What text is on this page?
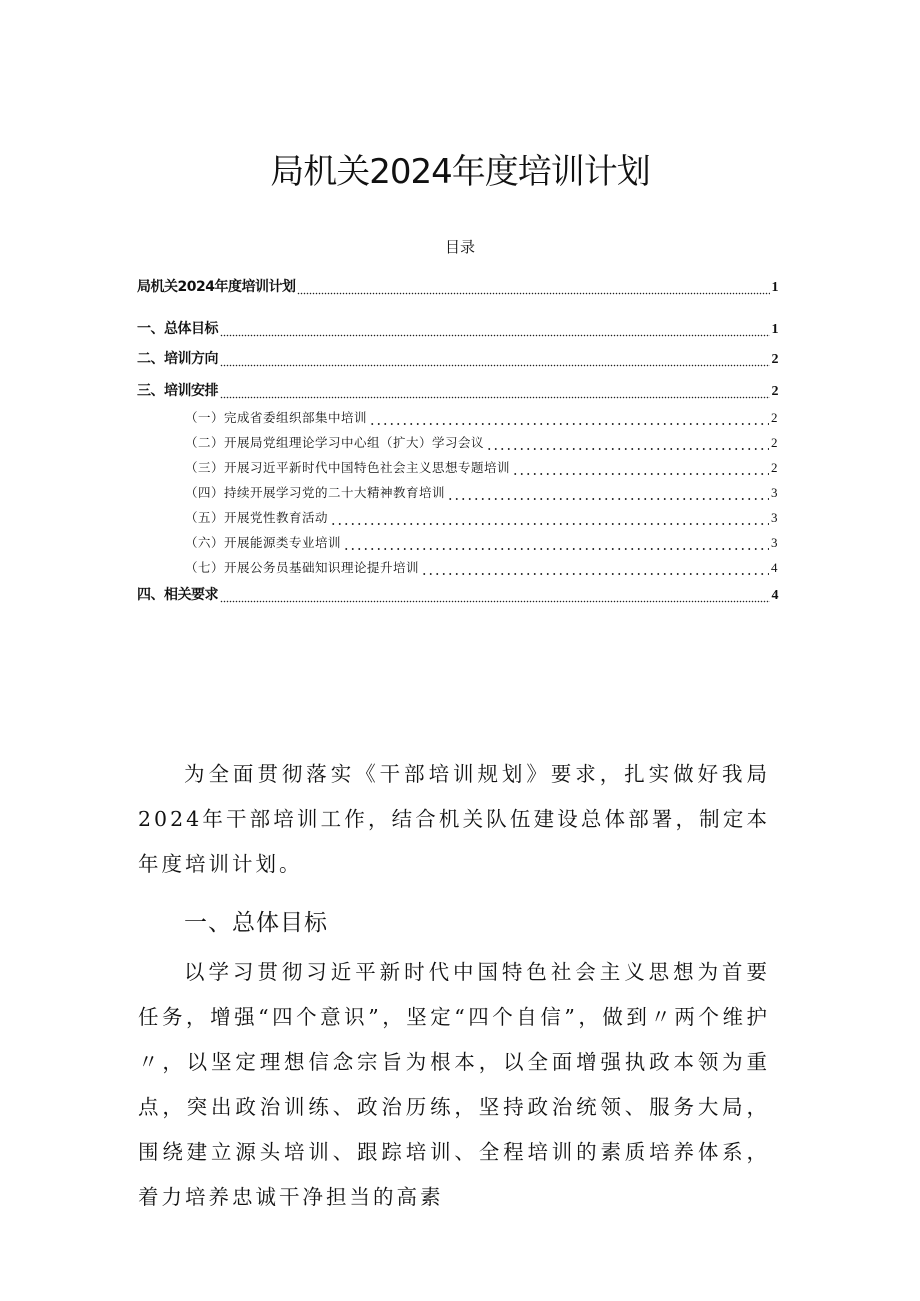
局机关2024年度培训计划
目录
局机关2024年度培训计划	1
一、总体目标	1
二、培训方向	2
三、培训安排	2
（一）完成省委组织部集中培训	2
（二）开展局党组理论学习中心组（扩大）学习会议	2
（三）开展习近平新时代中国特色社会主义思想专题培训	2
（四）持续开展学习党的二十大精神教育培训	3
（五）开展党性教育活动	3
（六）开展能源类专业培训	3
（七）开展公务员基础知识理论提升培训	4
四、相关要求	4
为全面贯彻落实《干部培训规划》要求，扎实做好我局2024年干部培训工作，结合机关队伍建设总体部署，制定本年度培训计划。
一、总体目标
以学习贯彻习近平新时代中国特色社会主义思想为首要任务，增强“四个意识”，坚定“四个自信”，做到〃两个维护〃，以坚定理想信念宗旨为根本，以全面增强执政本领为重点，突出政治训练、政治历练，坚持政治统领、服务大局，围绕建立源头培训、跟踪培训、全程培训的素质培养体系，着力培养忠诚干净担当的高素
